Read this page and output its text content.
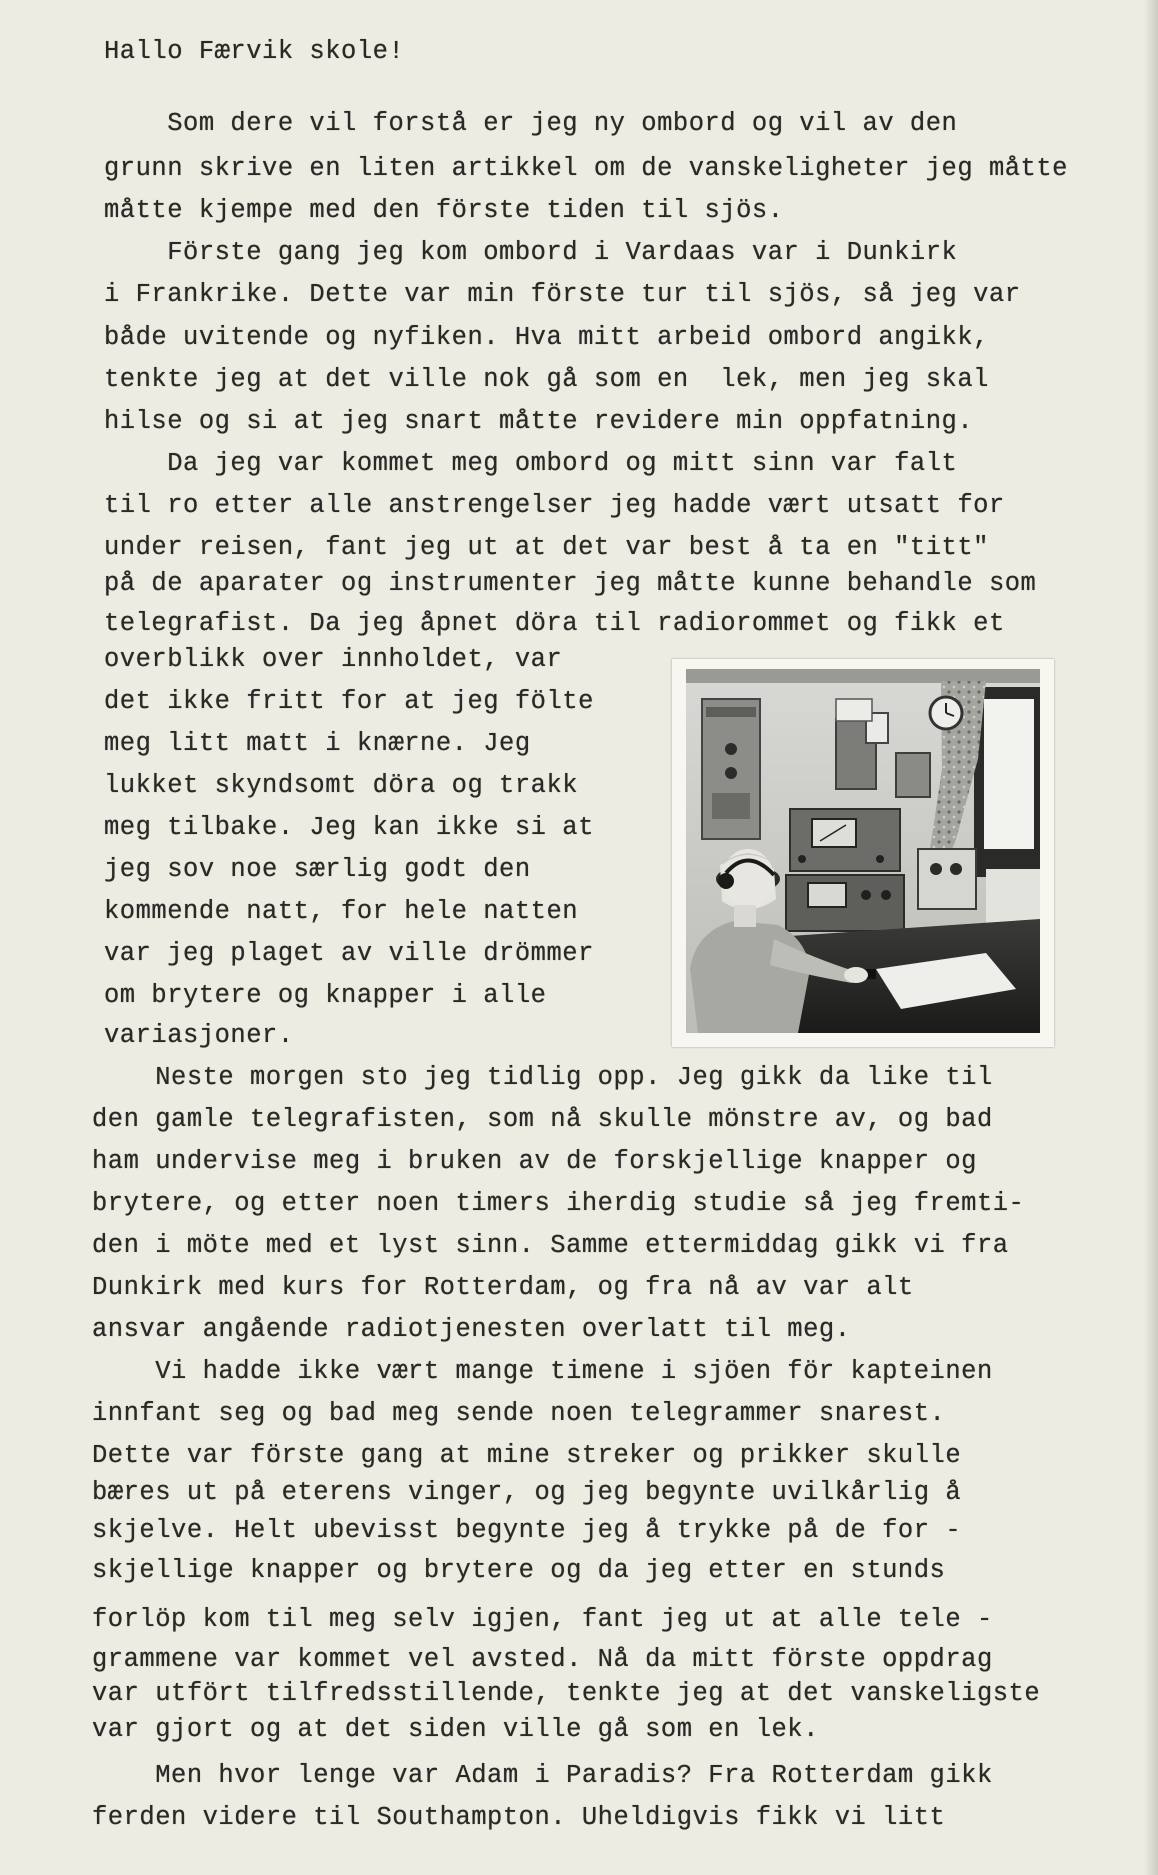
Hallo Færvik skole!
Som dere vil forstå er jeg ny ombord og vil av den
grunn skrive en liten artikkel om de vanskeligheter jeg måtte
måtte kjempe med den förste tiden til sjös.
Förste gang jeg kom ombord i Vardaas var i Dunkirk
i Frankrike. Dette var min förste tur til sjös, så jeg var
både uvitende og nyfiken. Hva mitt arbeid ombord angikk,
tenkte jeg at det ville nok gå som en  lek, men jeg skal
hilse og si at jeg snart måtte revidere min oppfatning.
Da jeg var kommet meg ombord og mitt sinn var falt
til ro etter alle anstrengelser jeg hadde vært utsatt for
under reisen, fant jeg ut at det var best å ta en "titt"
på de aparater og instrumenter jeg måtte kunne behandle som
telegrafist. Da jeg åpnet döra til radiorommet og fikk et
overblikk over innholdet, var
det ikke fritt for at jeg fölte
meg litt matt i knærne. Jeg
lukket skyndsomt döra og trakk
meg tilbake. Jeg kan ikke si at
jeg sov noe særlig godt den
kommende natt, for hele natten
var jeg plaget av ville drömmer
om brytere og knapper i alle
variasjoner.
Neste morgen sto jeg tidlig opp. Jeg gikk da like til
den gamle telegrafisten, som nå skulle mönstre av, og bad
ham undervise meg i bruken av de forskjellige knapper og
brytere, og etter noen timers iherdig studie så jeg fremti-
den i möte med et lyst sinn. Samme ettermiddag gikk vi fra
Dunkirk med kurs for Rotterdam, og fra nå av var alt
ansvar angående radiotjenesten overlatt til meg.
Vi hadde ikke vært mange timene i sjöen för kapteinen
innfant seg og bad meg sende noen telegrammer snarest.
Dette var förste gang at mine streker og prikker skulle
bæres ut på eterens vinger, og jeg begynte uvilkårlig å
skjelve. Helt ubevisst begynte jeg å trykke på de for -
skjellige knapper og brytere og da jeg etter en stunds
forlöp kom til meg selv igjen, fant jeg ut at alle tele -
grammene var kommet vel avsted. Nå da mitt förste oppdrag
var utfört tilfredsstillende, tenkte jeg at det vanskeligste
var gjort og at det siden ville gå som en lek.
Men hvor lenge var Adam i Paradis? Fra Rotterdam gikk
ferden videre til Southampton. Uheldigvis fikk vi litt
